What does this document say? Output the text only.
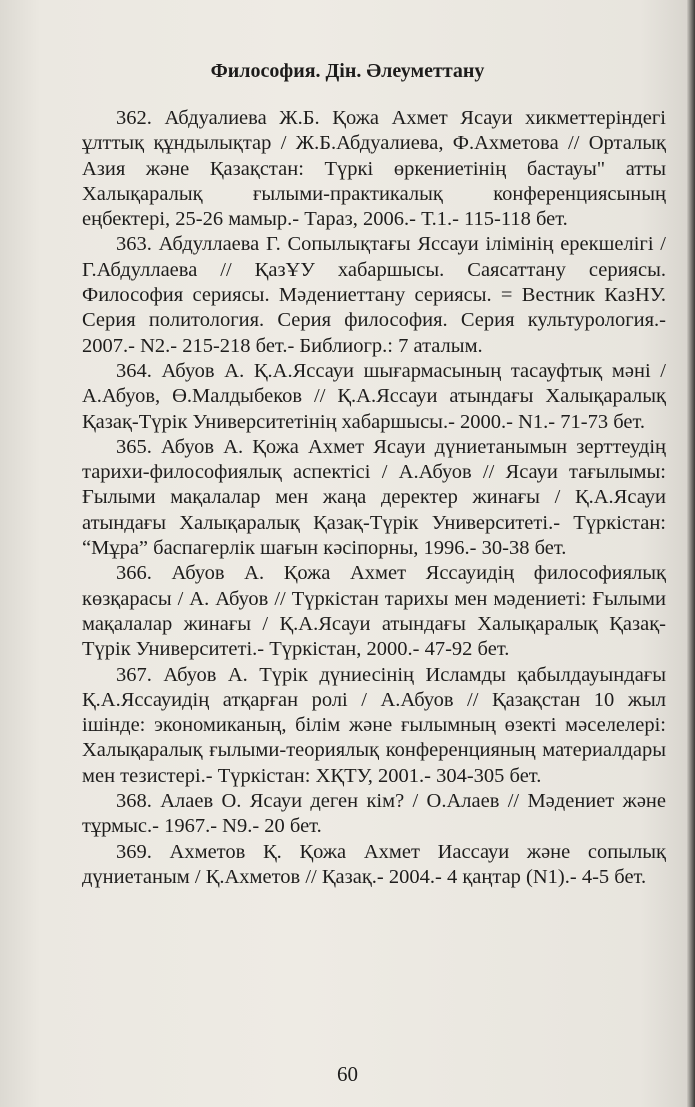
Философия. Дін. Әлеуметтану

362. Абдуалиева Ж.Б. Қожа Ахмет Ясауи хикметтеріндегі ұлттық құндылықтар / Ж.Б.Абдуалиева, Ф.Ахметова // Орталық Азия және Қазақстан: Түркі өркениетінің бастауы" атты Халықаралық ғылыми-практикалық конференциясының еңбектері, 25-26 мамыр.- Тараз, 2006.- Т.1.- 115-118 бет.

363. Абдуллаева Г. Сопылықтағы Яссауи ілімінің ерекшелігі / Г.Абдуллаева // ҚазҰУ хабаршысы. Саясаттану сериясы. Философия сериясы. Мәдениеттану сериясы. = Вестник КазНУ. Серия политология. Серия философия. Серия культурология.- 2007.- N2.- 215-218 бет.- Библиогр.: 7 аталым.

364. Абуов А. Қ.А.Яссауи шығармасының тасауфтық мәні / А.Абуов, Ө.Малдыбеков // Қ.А.Яссауи атындағы Халықаралық Қазақ-Түрік Университетінің хабаршысы.- 2000.- N1.- 71-73 бет.

365. Абуов А. Қожа Ахмет Ясауи дүниетанымын зерттеудің тарихи-философиялық аспектісі / А.Абуов // Ясауи тағылымы: Ғылыми мақалалар мен жаңа деректер жинағы / Қ.А.Ясауи атындағы Халықаралық Қазақ-Түрік Университеті.- Түркістан: “Мұра” баспагерлік шағын кәсіпорны, 1996.- 30-38 бет.

366. Абуов А. Қожа Ахмет Яссауидің философиялық көзқарасы / А. Абуов // Түркістан тарихы мен мәдениеті: Ғылыми мақалалар жинағы / Қ.А.Ясауи атындағы Халықаралық Қазақ-Түрік Университеті.- Түркістан, 2000.- 47-92 бет.

367. Абуов А. Түрік дүниесінің Исламды қабылдауындағы Қ.А.Яссауидің атқарған ролі / А.Абуов // Қазақстан 10 жыл ішінде: экономиканың, білім және ғылымның өзекті мәселелері: Халықаралық ғылыми-теориялық конференцияның материалдары мен тезистері.- Түркістан: ХҚТУ, 2001.- 304-305 бет.

368. Алаев О. Ясауи деген кім? / О.Алаев // Мәдениет және тұрмыс.- 1967.- N9.- 20 бет.

369. Ахметов Қ. Қожа Ахмет Иассауи және сопылық дүниетаным / Қ.Ахметов // Қазақ.- 2004.- 4 қаңтар (N1).- 4-5 бет.

60
